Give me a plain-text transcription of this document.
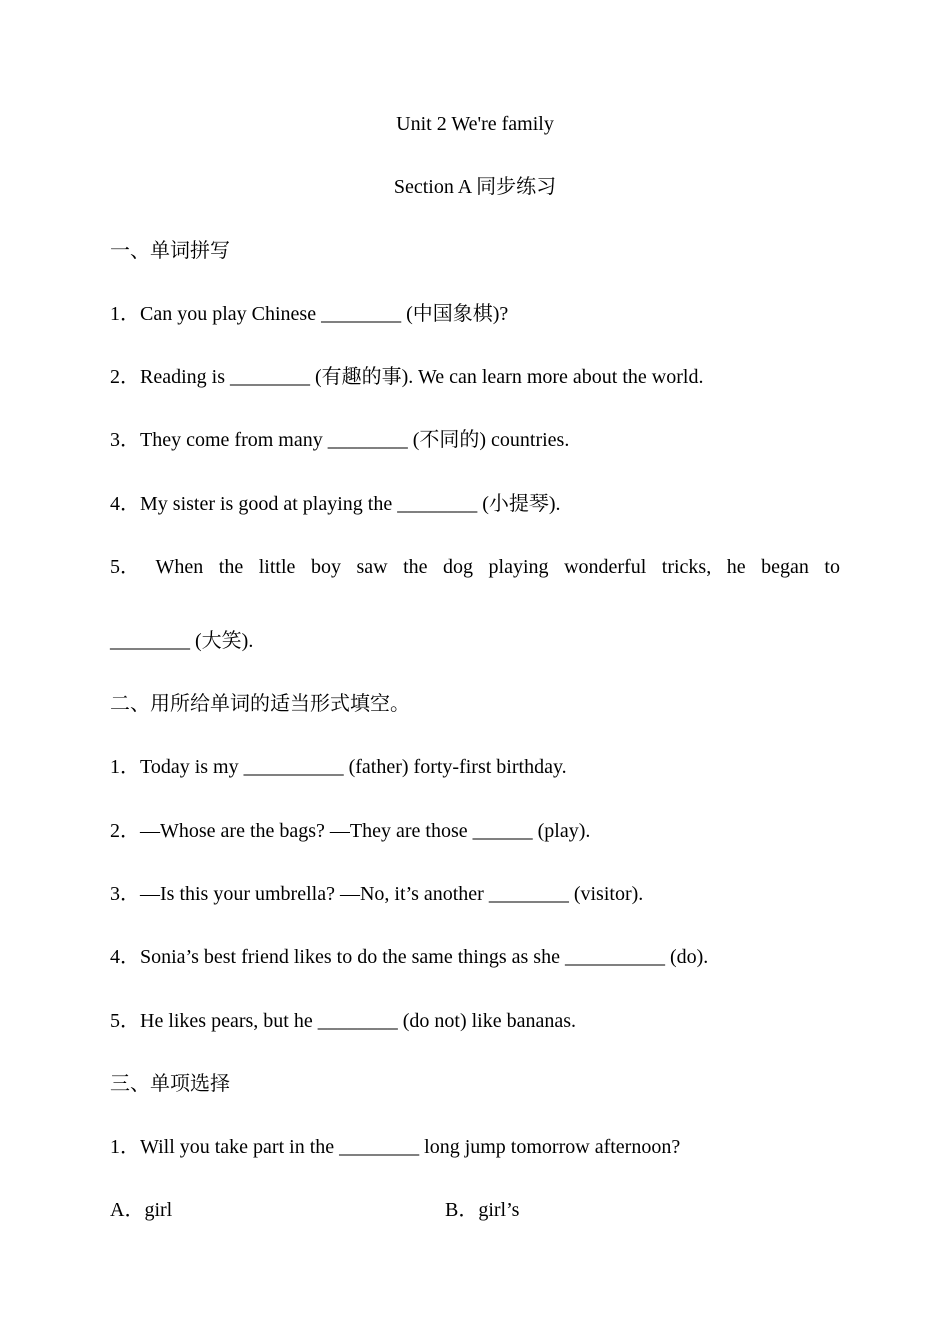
Unit 2 We're family
Section A 同步练习
一、单词拼写
1．Can you play Chinese ________ (中国象棋)?
2．Reading is ________ (有趣的事). We can learn more about the world.
3．They come from many ________ (不同的) countries.
4．My sister is good at playing the ________ (小提琴).
5． When the little boy saw the dog playing wonderful tricks, he began to
________ (大笑).
二、用所给单词的适当形式填空。
1．Today is my __________ (father) forty-first birthday.
2．—Whose are the bags? —They are those ______ (play).
3．—Is this your umbrella? —No, it’s another ________ (visitor).
4．Sonia’s best friend likes to do the same things as she __________ (do).
5．He likes pears, but he ________ (do not) like bananas.
三、单项选择
1．Will you take part in the ________ long jump tomorrow afternoon?
A．girl	B．girl’s
